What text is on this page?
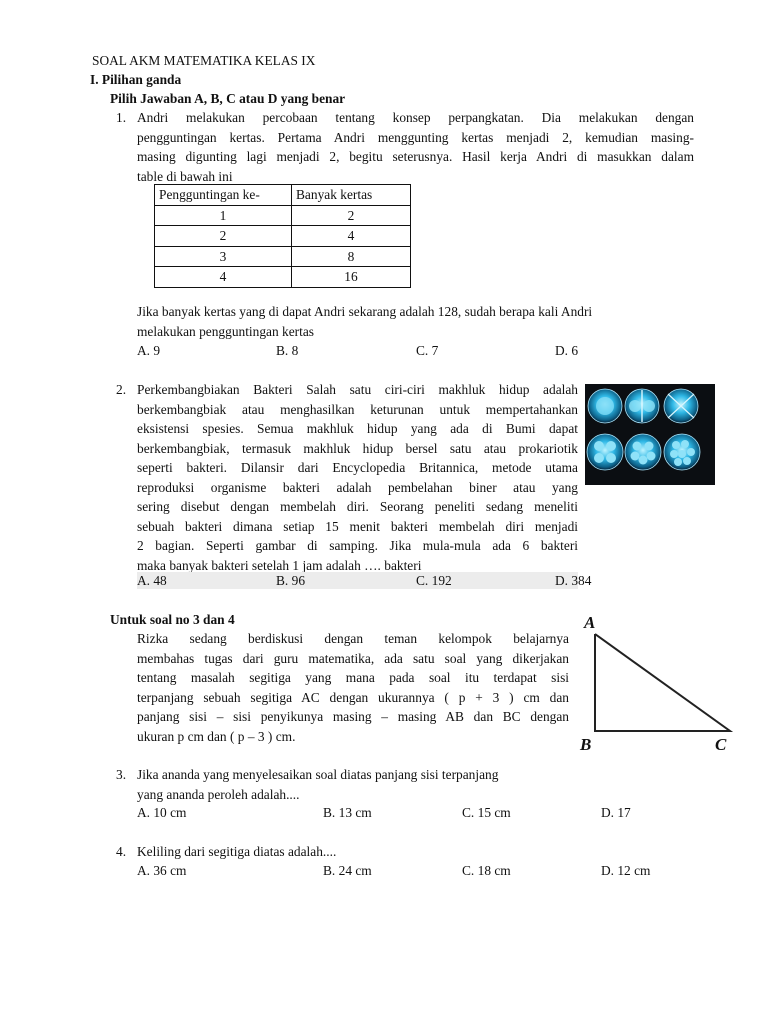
SOAL AKM MATEMATIKA KELAS IX
I. Pilihan ganda
Pilih Jawaban A, B, C atau D yang benar
1. Andri melakukan percobaan tentang konsep perpangkatan. Dia melakukan dengan
pengguntingan kertas. Pertama Andri menggunting kertas menjadi 2, kemudian masing-
masing digunting lagi menjadi 2, begitu seterusnya. Hasil kerja Andri di masukkan dalam
table di bawah ini
Pengguntingan ke-	Banyak kertas
1	2
2	4
3	8
4	16
Jika banyak kertas yang di dapat Andri sekarang adalah 128, sudah berapa kali Andri
melakukan pengguntingan kertas
A. 9	B. 8	C. 7	D. 6
2. Perkembangbiakan Bakteri Salah satu ciri-ciri makhluk hidup adalah
berkembangbiak atau menghasilkan keturunan untuk mempertahankan
eksistensi spesies. Semua makhluk hidup yang ada di Bumi dapat
berkembangbiak, termasuk makhluk hidup bersel satu atau prokariotik
seperti bakteri. Dilansir dari Encyclopedia Britannica, metode utama
reproduksi organisme bakteri adalah pembelahan biner atau yang
sering disebut dengan membelah diri. Seorang peneliti sedang meneliti
sebuah bakteri dimana setiap 15 menit bakteri membelah diri menjadi
2 bagian. Seperti gambar di samping. Jika mula-mula ada 6 bakteri
maka banyak bakteri setelah 1 jam adalah …. bakteri
A. 48	B. 96	C. 192	D. 384
Untuk soal no 3 dan 4
Rizka sedang berdiskusi dengan teman kelompok belajarnya
membahas tugas dari guru matematika, ada satu soal yang dikerjakan
tentang masalah segitiga yang mana pada soal itu terdapat sisi
terpanjang sebuah segitiga AC dengan ukurannya ( p + 3 ) cm dan
panjang sisi – sisi penyikunya masing – masing AB dan BC dengan
ukuran p cm dan ( p – 3 ) cm.
A
B	C
3. Jika ananda yang menyelesaikan soal diatas panjang sisi terpanjang
yang ananda peroleh adalah....
A. 10 cm	B. 13 cm	C. 15 cm	D. 17
4. Keliling dari segitiga diatas adalah....
A. 36 cm	B. 24 cm	C. 18 cm	D. 12 cm
